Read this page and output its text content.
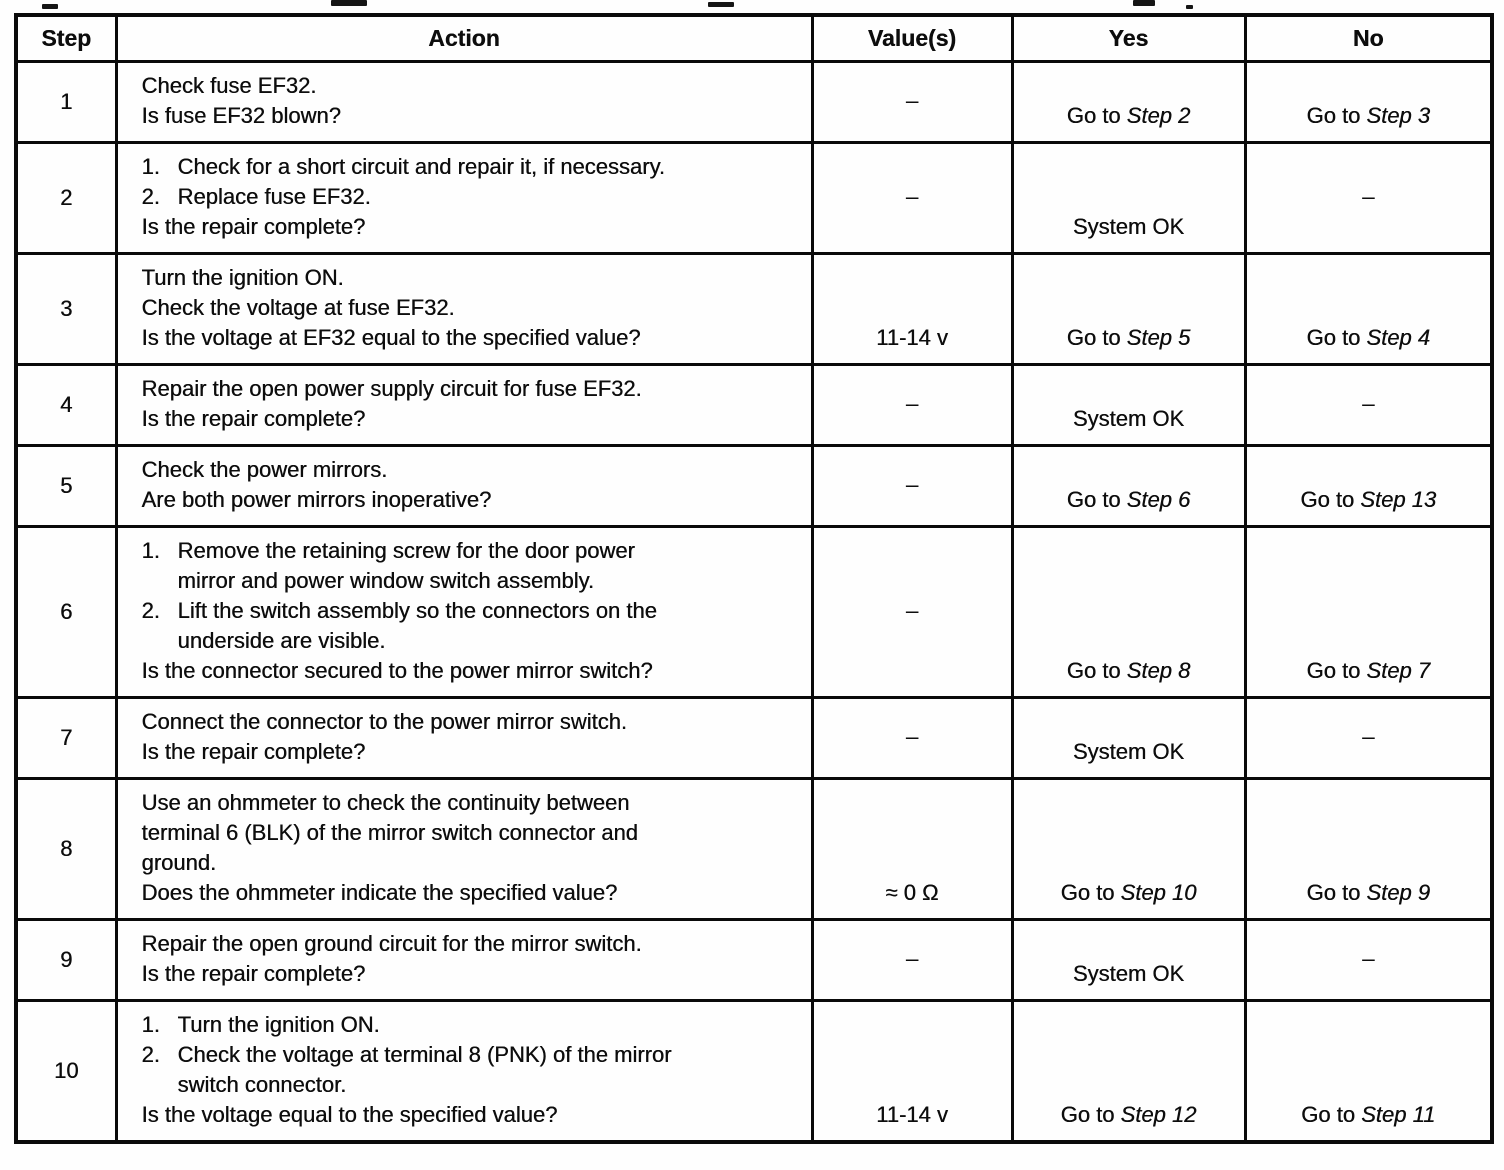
Step	Action	Value(s)	Yes	No
1	Check fuse EF32.
Is fuse EF32 blown?	–	Go to Step 2	Go to Step 3
2	1. Check for a short circuit and repair it, if necessary.
2. Replace fuse EF32.
Is the repair complete?	–	System OK	–
3	Turn the ignition ON.
Check the voltage at fuse EF32.
Is the voltage at EF32 equal to the specified value?	11-14 v	Go to Step 5	Go to Step 4
4	Repair the open power supply circuit for fuse EF32.
Is the repair complete?	–	System OK	–
5	Check the power mirrors.
Are both power mirrors inoperative?	–	Go to Step 6	Go to Step 13
6	1. Remove the retaining screw for the door power
mirror and power window switch assembly.
2. Lift the switch assembly so the connectors on the
underside are visible.
Is the connector secured to the power mirror switch?	–	Go to Step 8	Go to Step 7
7	Connect the connector to the power mirror switch.
Is the repair complete?	–	System OK	–
8	Use an ohmmeter to check the continuity between
terminal 6 (BLK) of the mirror switch connector and
ground.
Does the ohmmeter indicate the specified value?	≈ 0 Ω	Go to Step 10	Go to Step 9
9	Repair the open ground circuit for the mirror switch.
Is the repair complete?	–	System OK	–
10	1. Turn the ignition ON.
2. Check the voltage at terminal 8 (PNK) of the mirror
switch connector.
Is the voltage equal to the specified value?	11-14 v	Go to Step 12	Go to Step 11
